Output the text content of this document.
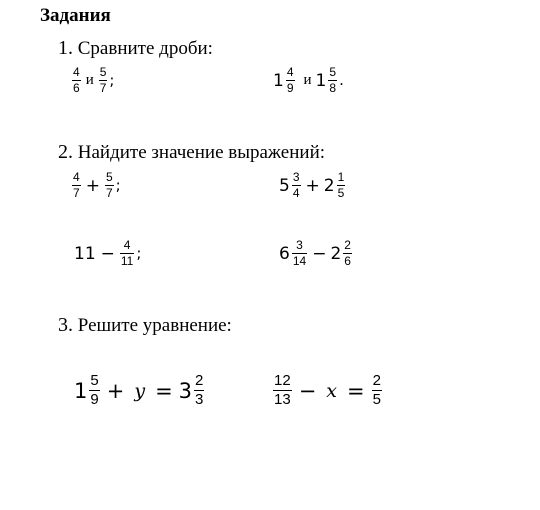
Задания
1. Сравните дроби:
$\frac{4}{6}$ и $\frac{5}{7}$ ;	$1 \frac{4}{9}$ и $1 \frac{5}{8}$ .
2. Найдите значение выражений:
$\frac{4}{7} + \frac{5}{7}$ ;	$5 \frac{3}{4} + 2 \frac{1}{5}$
$11 - \frac{4}{11}$ ;	$6 \frac{3}{14} - 2 \frac{2}{6}$
3. Решите уравнение:
$1 \frac{5}{9} + y = 3 \frac{2}{3}$	$\frac{12}{13} - x = \frac{2}{5}$
